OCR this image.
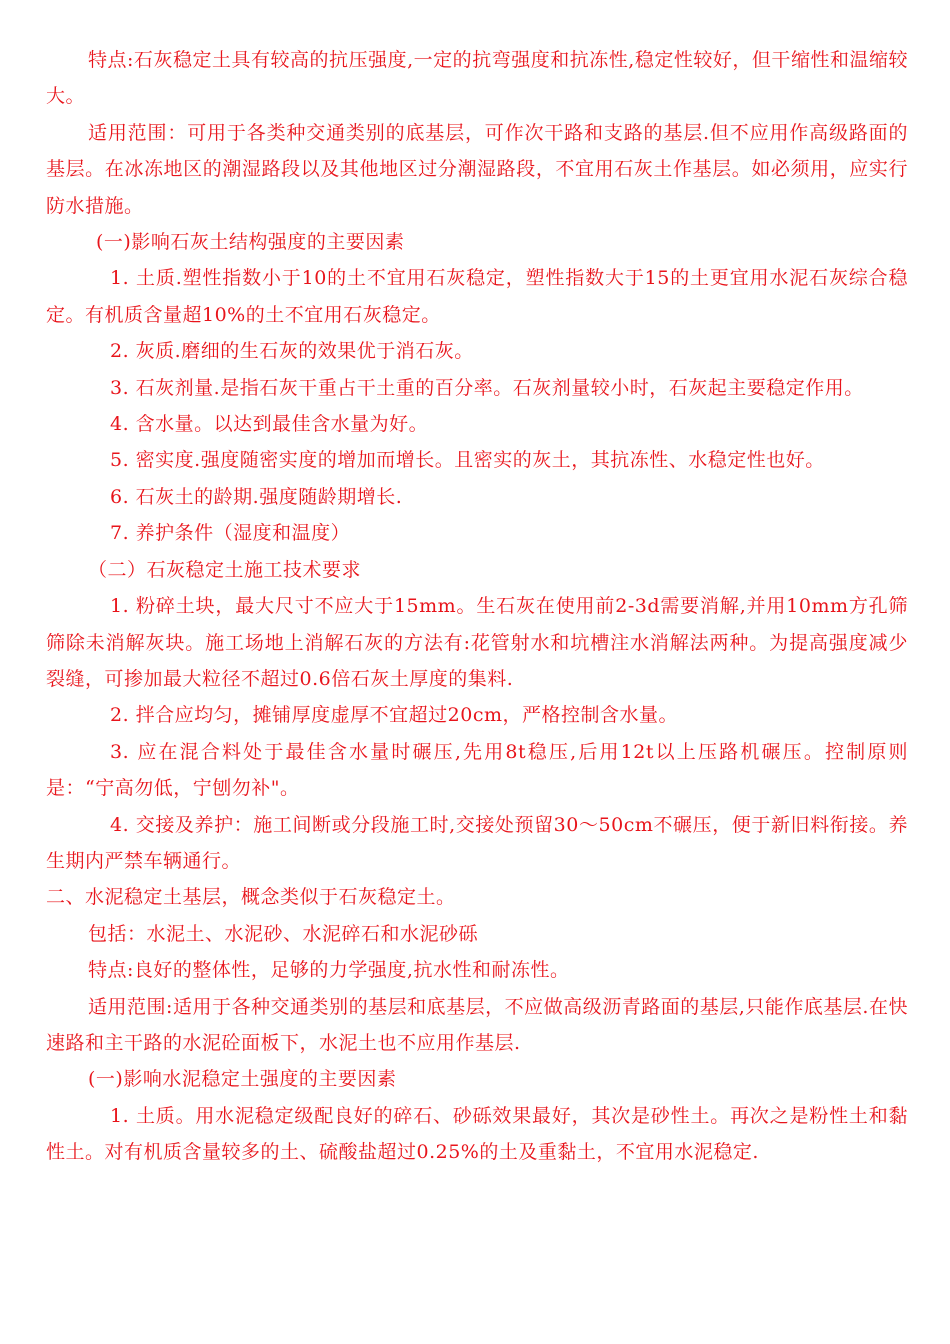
特点:石灰稳定土具有较高的抗压强度,一定的抗弯强度和抗冻性,稳定性较好，但干缩性和温缩较大。

适用范围：可用于各类种交通类别的底基层，可作次干路和支路的基层.但不应用作高级路面的基层。在冰冻地区的潮湿路段以及其他地区过分潮湿路段，不宜用石灰土作基层。如必须用，应实行防水措施。

(一)影响石灰土结构强度的主要因素

1. 土质.塑性指数小于10的土不宜用石灰稳定，塑性指数大于15的土更宜用水泥石灰综合稳定。有机质含量超10%的土不宜用石灰稳定。

2. 灰质.磨细的生石灰的效果优于消石灰。

3. 石灰剂量.是指石灰干重占干土重的百分率。石灰剂量较小时，石灰起主要稳定作用。

4. 含水量。以达到最佳含水量为好。

5. 密实度.强度随密实度的增加而增长。且密实的灰土，其抗冻性、水稳定性也好。

6. 石灰土的龄期.强度随龄期增长.

7. 养护条件（湿度和温度）

（二）石灰稳定土施工技术要求

1. 粉碎土块，最大尺寸不应大于15mm。生石灰在使用前2-3d需要消解,并用10mm方孔筛筛除未消解灰块。施工场地上消解石灰的方法有:花管射水和坑槽注水消解法两种。为提高强度减少裂缝，可掺加最大粒径不超过0.6倍石灰土厚度的集料.

2. 拌合应均匀，摊铺厚度虚厚不宜超过20cm，严格控制含水量。

3. 应在混合料处于最佳含水量时碾压,先用8t稳压,后用12t以上压路机碾压。控制原则是：“宁高勿低，宁刨勿补"。

4. 交接及养护：施工间断或分段施工时,交接处预留30～50cm不碾压，便于新旧料衔接。养生期内严禁车辆通行。

二、水泥稳定土基层，概念类似于石灰稳定土。

包括：水泥土、水泥砂、水泥碎石和水泥砂砾

特点:良好的整体性，足够的力学强度,抗水性和耐冻性。

适用范围:适用于各种交通类别的基层和底基层，不应做高级沥青路面的基层,只能作底基层.在快速路和主干路的水泥砼面板下，水泥土也不应用作基层.

(一)影响水泥稳定土强度的主要因素

1. 土质。用水泥稳定级配良好的碎石、砂砾效果最好，其次是砂性土。再次之是粉性土和黏性土。对有机质含量较多的土、硫酸盐超过0.25%的土及重黏土，不宜用水泥稳定.
